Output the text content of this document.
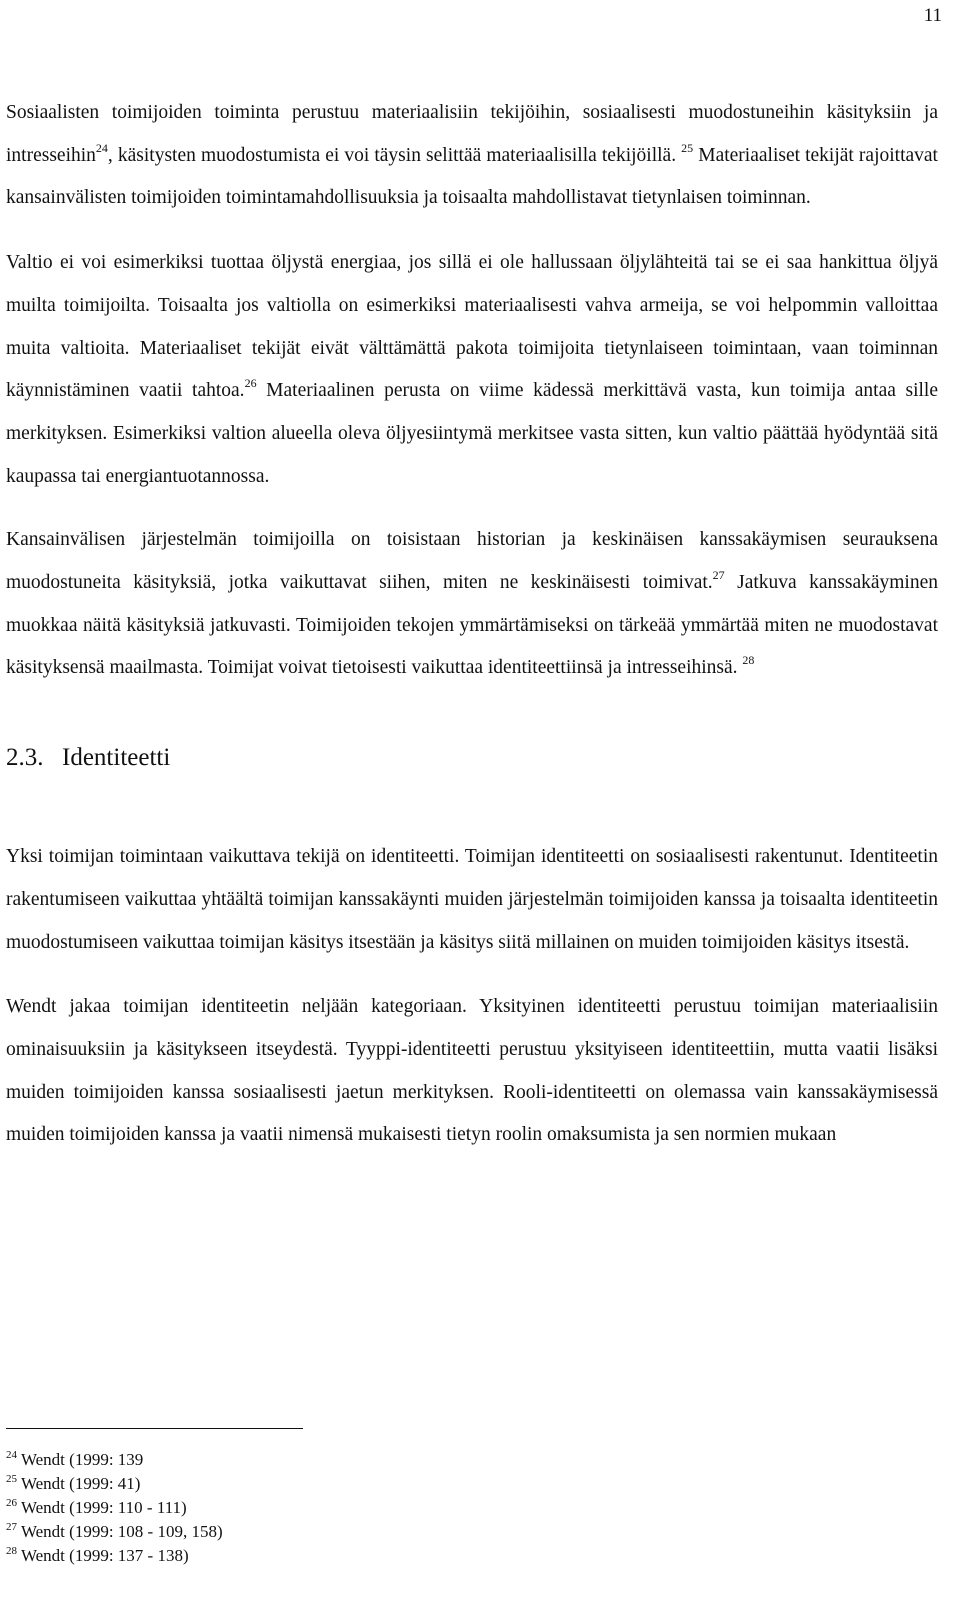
11

Sosiaalisten toimijoiden toiminta perustuu materiaalisiin tekijöihin, sosiaalisesti muodostuneihin käsityksiin ja intresseihin$^{24}$, käsitysten muodostumista ei voi täysin selittää materiaalisilla tekijöillä. $^{25}$ Materiaaliset tekijät rajoittavat kansainvälisten toimijoiden toimintamahdollisuuksia ja toisaalta mahdollistavat tietynlaisen toiminnan.

Valtio ei voi esimerkiksi tuottaa öljystä energiaa, jos sillä ei ole hallussaan öljylähteitä tai se ei saa hankittua öljyä muilta toimijoilta. Toisaalta jos valtiolla on esimerkiksi materiaalisesti vahva armeija, se voi helpommin valloittaa muita valtioita. Materiaaliset tekijät eivät välttämättä pakota toimijoita tietynlaiseen toimintaan, vaan toiminnan käynnistäminen vaatii tahtoa.$^{26}$ Materiaalinen perusta on viime kädessä merkittävä vasta, kun toimija antaa sille merkityksen. Esimerkiksi valtion alueella oleva öljyesiintymä merkitsee vasta sitten, kun valtio päättää hyödyntää sitä kaupassa tai energiantuotannossa.

Kansainvälisen järjestelmän toimijoilla on toisistaan historian ja keskinäisen kanssakäymisen seurauksena muodostuneita käsityksiä, jotka vaikuttavat siihen, miten ne keskinäisesti toimivat.$^{27}$ Jatkuva kanssakäyminen muokkaa näitä käsityksiä jatkuvasti. Toimijoiden tekojen ymmärtämiseksi on tärkeää ymmärtää miten ne muodostavat käsityksensä maailmasta. Toimijat voivat tietoisesti vaikuttaa identiteettiinsä ja intresseihinsä. $^{28}$

2.3. Identiteetti

Yksi toimijan toimintaan vaikuttava tekijä on identiteetti. Toimijan identiteetti on sosiaalisesti rakentunut. Identiteetin rakentumiseen vaikuttaa yhtäältä toimijan kanssakäynti muiden järjestelmän toimijoiden kanssa ja toisaalta identiteetin muodostumiseen vaikuttaa toimijan käsitys itsestään ja käsitys siitä millainen on muiden toimijoiden käsitys itsestä.

Wendt jakaa toimijan identiteetin neljään kategoriaan. Yksityinen identiteetti perustuu toimijan materiaalisiin ominaisuuksiin ja käsitykseen itseydestä. Tyyppi-identiteetti perustuu yksityiseen identiteettiin, mutta vaatii lisäksi muiden toimijoiden kanssa sosiaalisesti jaetun merkityksen. Rooli-identiteetti on olemassa vain kanssakäymisessä muiden toimijoiden kanssa ja vaatii nimensä mukaisesti tietyn roolin omaksumista ja sen normien mukaan

$^{24}$ Wendt (1999: 139
$^{25}$ Wendt (1999: 41)
$^{26}$ Wendt (1999: 110 - 111)
$^{27}$ Wendt (1999: 108 - 109, 158)
$^{28}$ Wendt (1999: 137 - 138)
